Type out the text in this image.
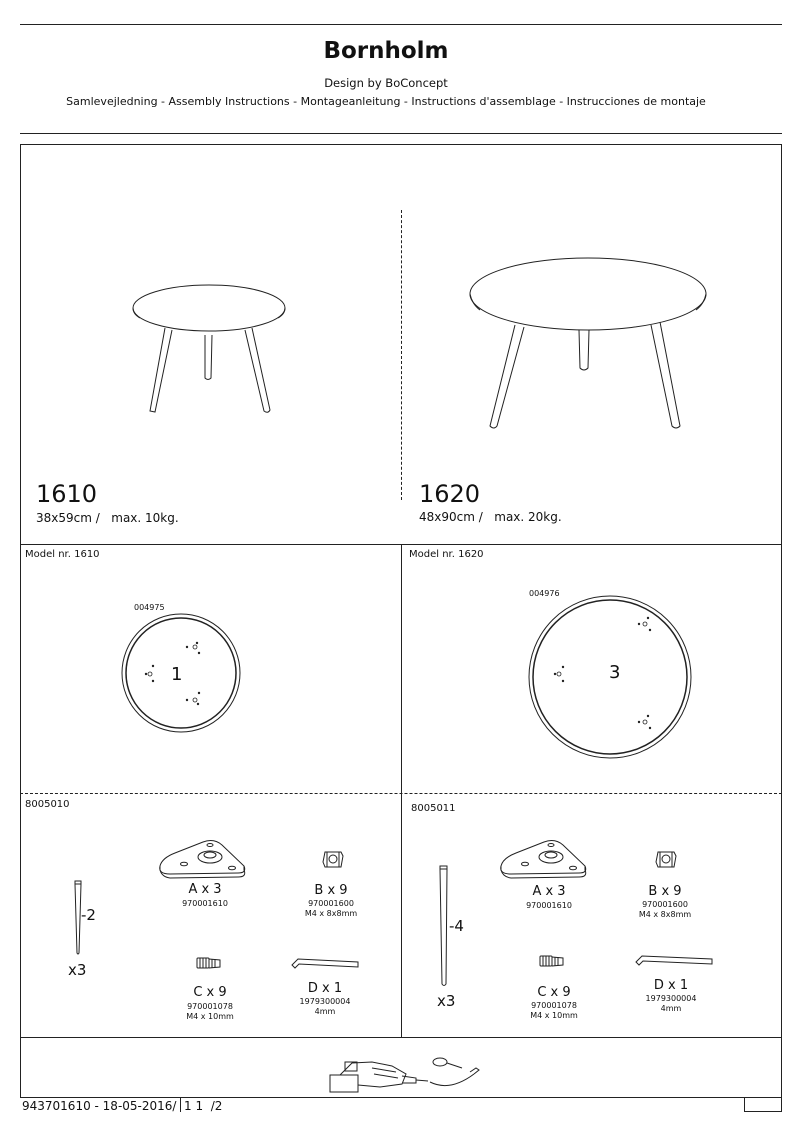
Bornholm
Design by BoConcept
Samlevejledning - Assembly Instructions - Montageanleitung - Instructions d'assemblage - Instrucciones de montaje
1610
38x59cm / max. 10kg.
1620
48x90cm / max. 20kg.
Model nr. 1610	Model nr. 1620
004975
004976
1	3
8005010
-2
x3
A x 3
970001610
B x 9
970001600
M4 x 8x8mm
C x 9
970001078
M4 x 10mm
D x 1
1979300004
4mm
8005011
-4
x3
A x 3
970001610
B x 9
970001600
M4 x 8x8mm
C x 9
970001078
M4 x 10mm
D x 1
1979300004
4mm
943701610 - 18-05-2016/ 1 1  /2
